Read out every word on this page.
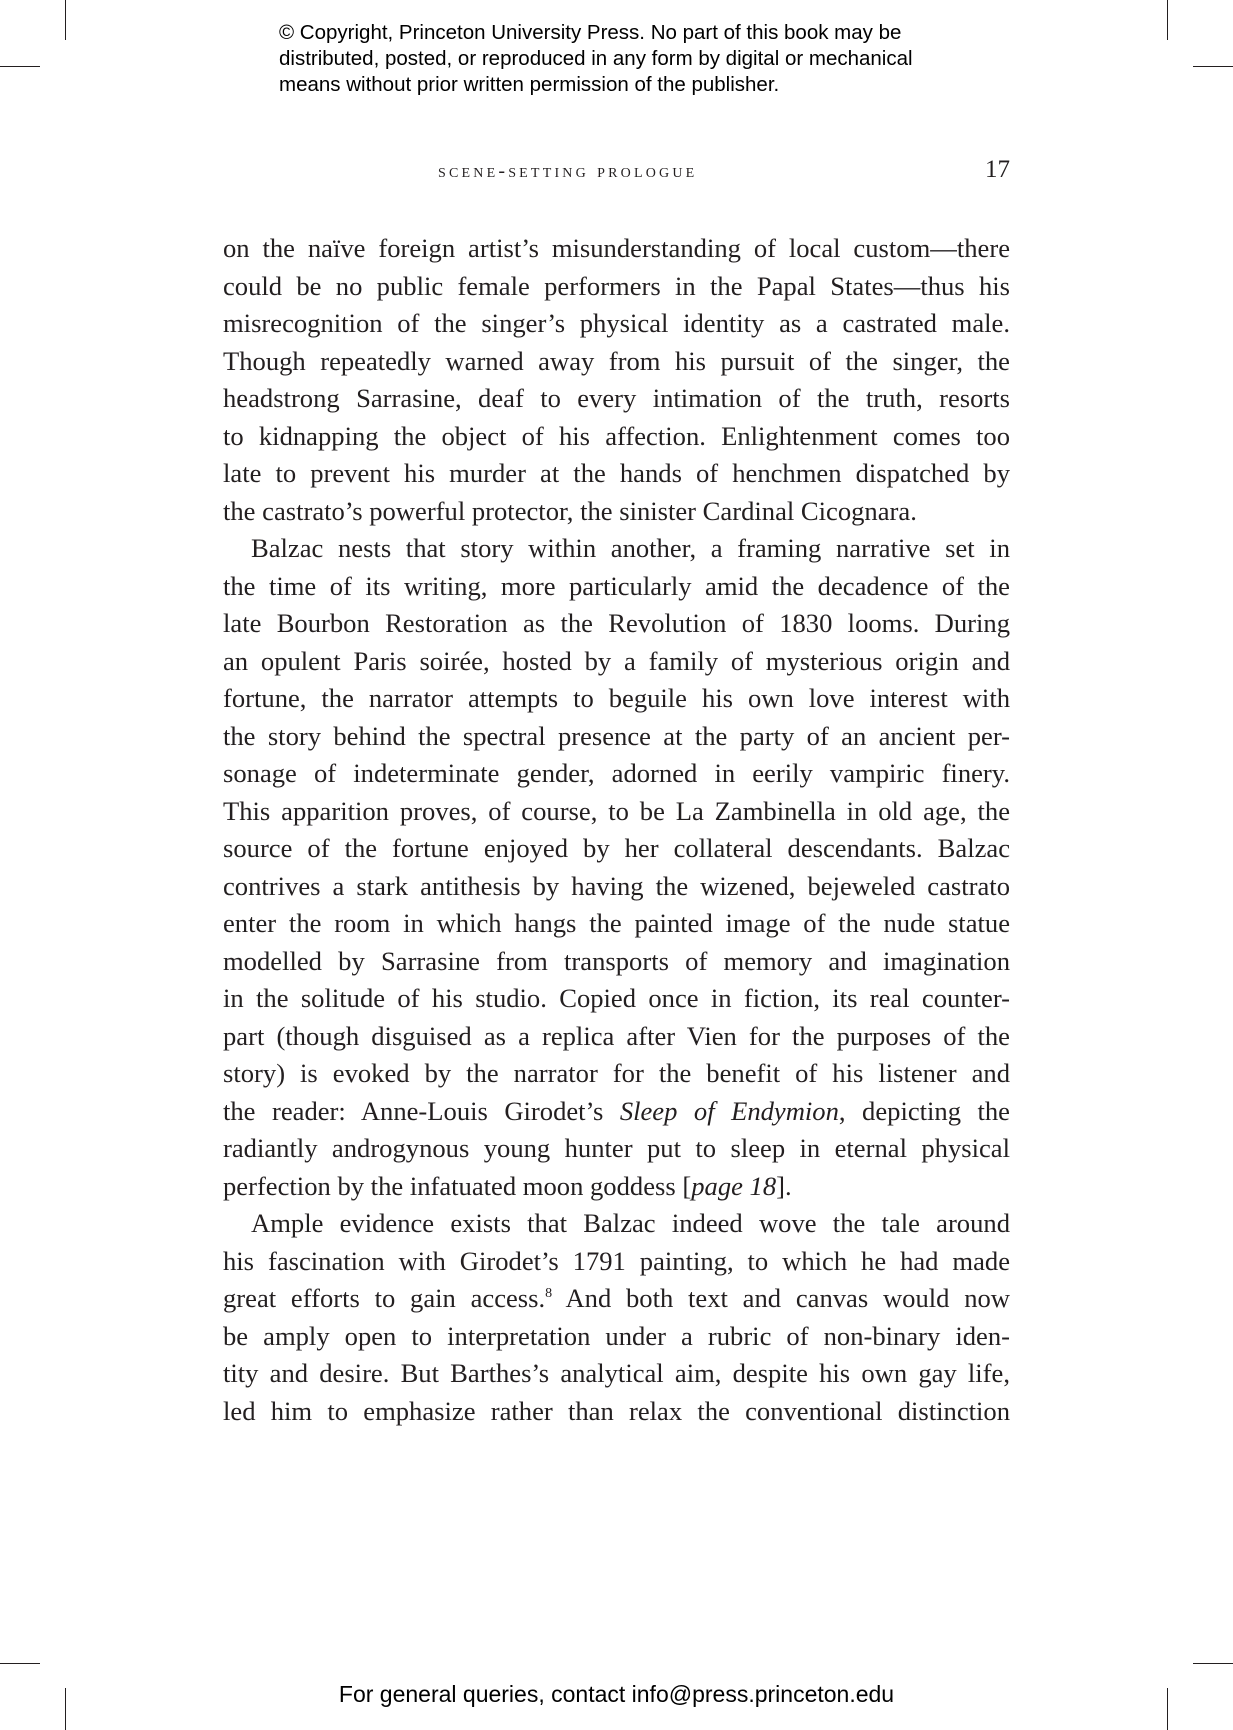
© Copyright, Princeton University Press. No part of this book may be
distributed, posted, or reproduced in any form by digital or mechanical
means without prior written permission of the publisher.
scene-setting prologue	17
on the naïve foreign artist’s misunderstanding of local custom—there
could be no public female performers in the Papal States—thus his
misrecognition of the singer’s physical identity as a castrated male.
Though repeatedly warned away from his pursuit of the singer, the
headstrong Sarrasine, deaf to every intimation of the truth, resorts
to kidnapping the object of his affection. Enlightenment comes too
late to prevent his murder at the hands of henchmen dispatched by
the castrato’s powerful protector, the sinister Cardinal Cicognara.
Balzac nests that story within another, a framing narrative set in
the time of its writing, more particularly amid the decadence of the
late Bourbon Restoration as the Revolution of 1830 looms. During
an opulent Paris soirée, hosted by a family of mysterious origin and
fortune, the narrator attempts to beguile his own love interest with
the story behind the spectral presence at the party of an ancient per-
sonage of indeterminate gender, adorned in eerily vampiric finery.
This apparition proves, of course, to be La Zambinella in old age, the
source of the fortune enjoyed by her collateral descendants. Balzac
contrives a stark antithesis by having the wizened, bejeweled castrato
enter the room in which hangs the painted image of the nude statue
modelled by Sarrasine from transports of memory and imagination
in the solitude of his studio. Copied once in fiction, its real counter-
part (though disguised as a replica after Vien for the purposes of the
story) is evoked by the narrator for the benefit of his listener and
the reader: Anne-Louis Girodet’s Sleep of Endymion, depicting the
radiantly androgynous young hunter put to sleep in eternal physical
perfection by the infatuated moon goddess [page 18].
Ample evidence exists that Balzac indeed wove the tale around
his fascination with Girodet’s 1791 painting, to which he had made
great efforts to gain access.$^8$ And both text and canvas would now
be amply open to interpretation under a rubric of non-binary iden-
tity and desire. But Barthes’s analytical aim, despite his own gay life,
led him to emphasize rather than relax the conventional distinction
For general queries, contact info@press.princeton.edu
